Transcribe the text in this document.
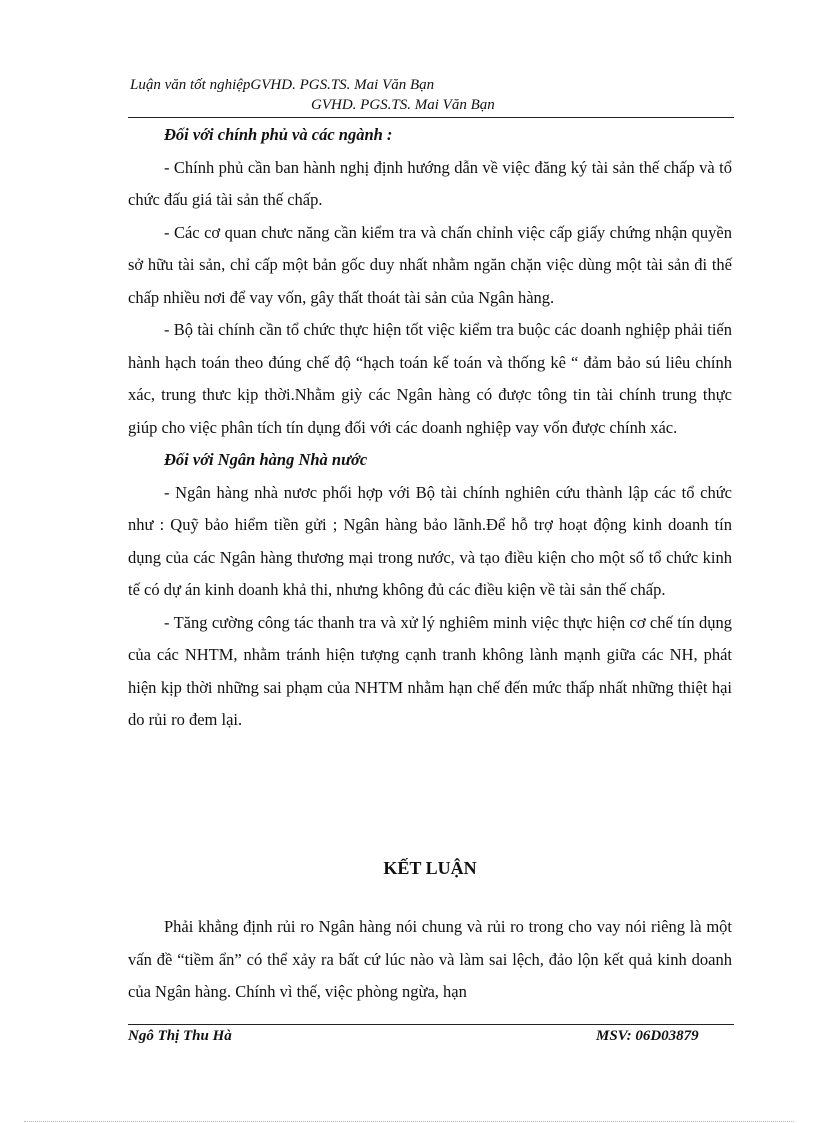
Luận văn tốt nghiệpGVHD. PGS.TS. Mai Văn Bạn
GVHD. PGS.TS. Mai Văn Bạn

Đối với chính phủ và các ngành :

- Chính phủ cần ban hành nghị định hướng dẫn về việc đăng ký tài sản thế chấp và tổ chức đấu giá tài sản thế chấp.

- Các cơ quan chưc năng cần kiểm tra và chấn chỉnh việc cấp giấy chứng nhận quyền sở hữu tài sản, chỉ cấp một bản gốc duy nhất nhằm ngăn chặn việc dùng một tài sản đi thế chấp nhiều nơi để vay vốn, gây thất thoát tài sản của Ngân hàng.

- Bộ tài chính cần tổ chức thực hiện tốt việc kiểm tra buộc các doanh nghiệp phải tiến hành hạch toán theo đúng chế độ “hạch toán kế toán và thống kê “ đảm bảo sú liêu chính xác, trung thưc kịp thời.Nhằm giỳ các Ngân hàng có được tông tin tài chính trung thực giúp cho việc phân tích tín dụng đối với các doanh nghiệp vay vốn được chính xác.

Đối với Ngân hàng Nhà nước

- Ngân hàng nhà nươc phối hợp với Bộ tài chính nghiên cứu thành lập các tổ chức như : Quỹ bảo hiểm tiền gửi ; Ngân hàng bảo lãnh.Để hỗ trợ hoạt động kinh doanh tín dụng của các Ngân hàng thương mại trong nước, và tạo điều kiện cho một số tổ chức kinh tế có dự án kinh doanh khả thi, nhưng không đủ các điều kiện về tài sản thế chấp.

- Tăng cường công tác thanh tra và xử lý nghiêm minh việc thực hiện cơ chế tín dụng của các NHTM, nhằm tránh hiện tượng cạnh tranh không lành mạnh giữa các NH, phát hiện kịp thời những sai phạm của NHTM nhằm hạn chế đến mức thấp nhất những thiệt hại do rủi ro đem lại.

KẾT LUẬN

Phải khẳng định rủi ro Ngân hàng nói chung và rủi ro trong cho vay nói riêng là một vấn đề “tiềm ẩn” có thể xảy ra bất cứ lúc nào và làm sai lệch, đảo lộn kết quả kinh doanh của Ngân hàng. Chính vì thế, việc phòng ngừa, hạn

Ngô Thị Thu Hà	MSV: 06D03879
